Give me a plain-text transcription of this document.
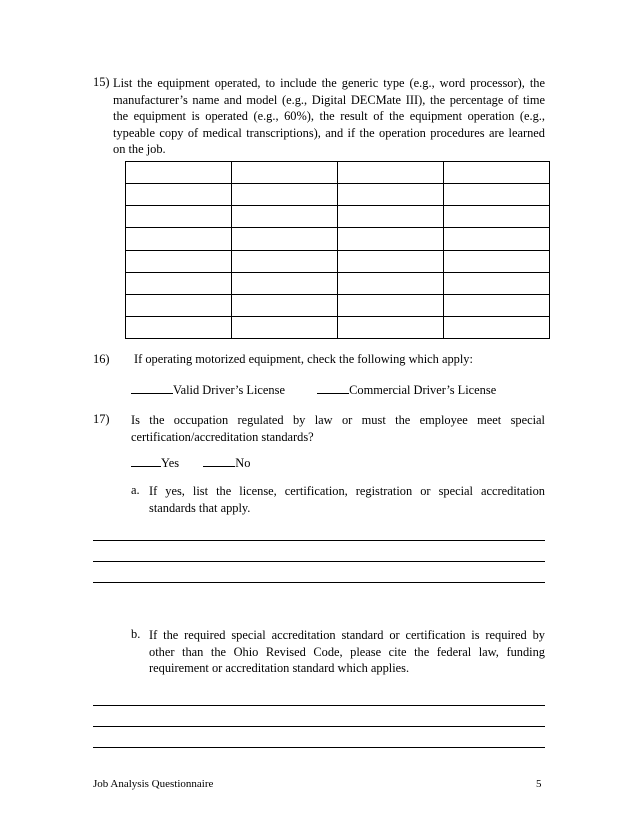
15) List the equipment operated, to include the generic type (e.g., word processor), the manufacturer’s name and model (e.g., Digital DECMate III), the percentage of time the equipment is operated (e.g., 60%), the result of the equipment operation (e.g., typeable copy of medical transcriptions), and if the operation procedures are learned on the job.

16) If operating motorized equipment, check the following which apply:
Valid Driver’s License	Commercial Driver’s License
17) Is the occupation regulated by law or must the employee meet special certification/accreditation standards?
Yes	No
a. If yes, list the license, certification, registration or special accreditation standards that apply.
b. If the required special accreditation standard or certification is required by other than the Ohio Revised Code, please cite the federal law, funding requirement or accreditation standard which applies.
Job Analysis Questionnaire	5
